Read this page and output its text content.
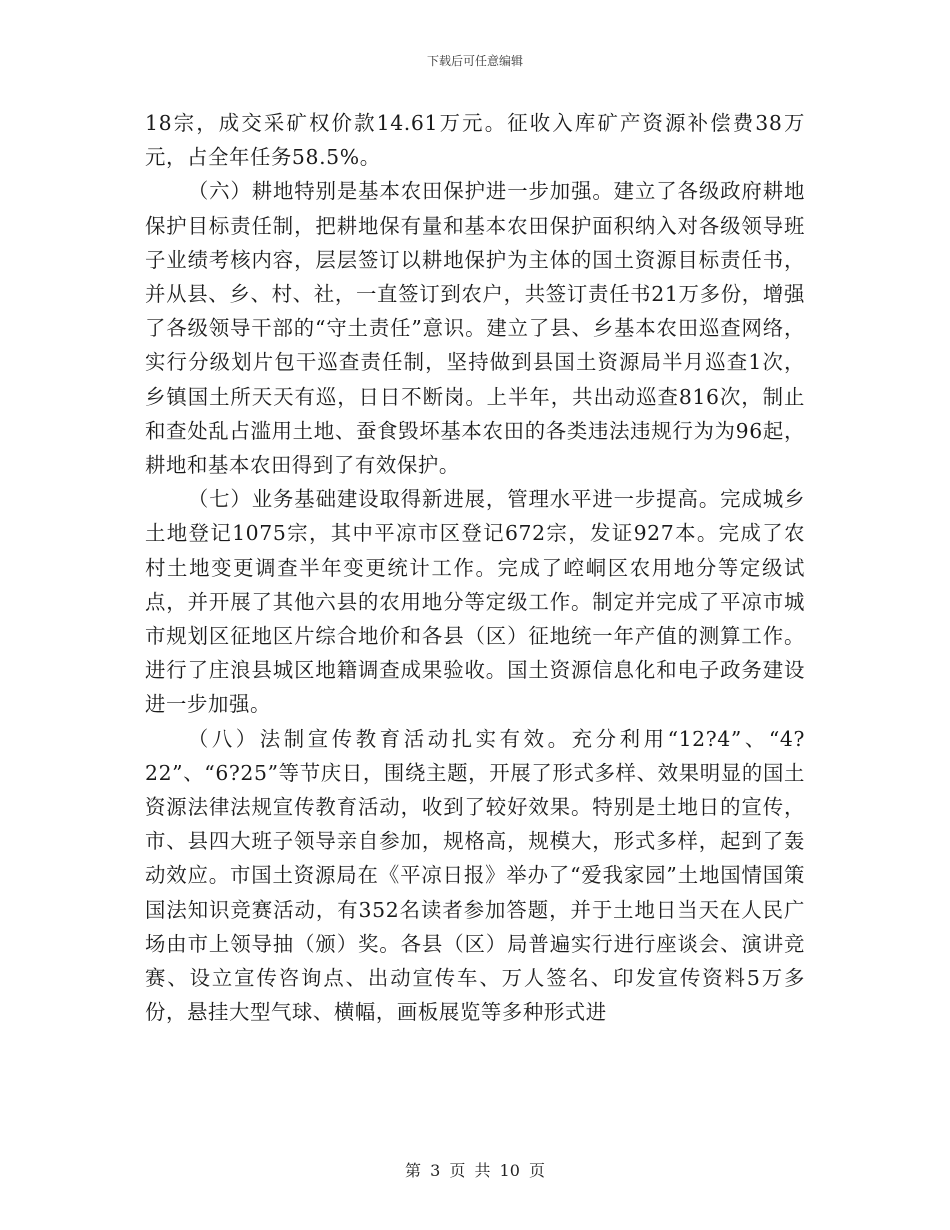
下载后可任意编辑

18宗，成交采矿权价款14.61万元。征收入库矿产资源补偿费38万元，占全年任务58.5%。

（六）耕地特别是基本农田保护进一步加强。建立了各级政府耕地保护目标责任制，把耕地保有量和基本农田保护面积纳入对各级领导班子业绩考核内容，层层签订以耕地保护为主体的国土资源目标责任书，并从县、乡、村、社，一直签订到农户，共签订责任书21万多份，增强了各级领导干部的“守土责任”意识。建立了县、乡基本农田巡查网络，实行分级划片包干巡查责任制，坚持做到县国土资源局半月巡查1次，乡镇国土所天天有巡，日日不断岗。上半年，共出动巡查816次，制止和查处乱占滥用土地、蚕食毁坏基本农田的各类违法违规行为为96起，耕地和基本农田得到了有效保护。

（七）业务基础建设取得新进展，管理水平进一步提高。完成城乡土地登记1075宗，其中平凉市区登记672宗，发证927本。完成了农村土地变更调查半年变更统计工作。完成了崆峒区农用地分等定级试点，并开展了其他六县的农用地分等定级工作。制定并完成了平凉市城市规划区征地区片综合地价和各县（区）征地统一年产值的测算工作。进行了庄浪县城区地籍调查成果验收。国土资源信息化和电子政务建设进一步加强。

（八）法制宣传教育活动扎实有效。充分利用“12?4”、“4?22”、“6?25”等节庆日，围绕主题，开展了形式多样、效果明显的国土资源法律法规宣传教育活动，收到了较好效果。特别是土地日的宣传，市、县四大班子领导亲自参加，规格高，规模大，形式多样，起到了轰动效应。市国土资源局在《平凉日报》举办了“爱我家园”土地国情国策国法知识竞赛活动，有352名读者参加答题，并于土地日当天在人民广场由市上领导抽（颁）奖。各县（区）局普遍实行进行座谈会、演讲竞赛、设立宣传咨询点、出动宣传车、万人签名、印发宣传资料5万多份，悬挂大型气球、横幅，画板展览等多种形式进

第 3 页 共 10 页
